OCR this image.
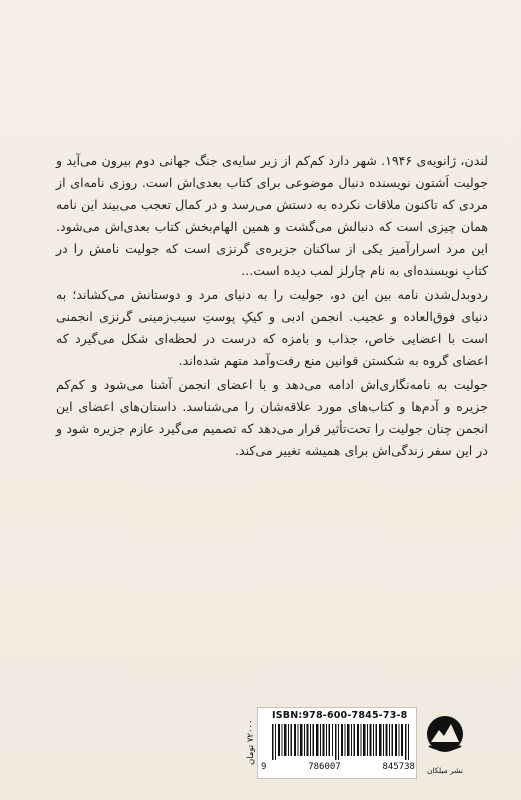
لندن، ژانویه‌ی ۱۹۴۶. شهر دارد کم‌کم از زیر سایه‌ی جنگ جهانی دوم بیرون می‌آید و جولیت اَشتون نویسنده دنبال موضوعی برای کتاب بعدی‌اش است. روزی نامه‌ای از مردی که تاکنون ملاقات نکرده به دستش می‌رسد و در کمال تعجب می‌بیند این نامه همان چیزی است که دنبالش می‌گشت و همین الهام‌بخش کتاب بعدی‌اش می‌شود. این مرد اسرارآمیز یکی از ساکنان جزیره‌ی گرنزی است که جولیت نامش را در کتابِ نویسنده‌ای به نام چارلز لمب دیده است...

ردوبدل‌شدن نامه بین این دو، جولیت را به دنیای مرد و دوستانش می‌کشاند؛ به دنیای فوق‌العاده و عجیب. انجمن ادبی و کیکِ پوستِ سیب‌زمینی گرنزی انجمنی است با اعضایی خاص، جذاب و بامزه که درست در لحظه‌ای شکل می‌گیرد که اعضای گروه به شکستن قوانین منع رفت‌وآمد متهم شده‌اند.

جولیت به نامه‌نگاری‌اش ادامه می‌دهد و با اعضای انجمن آشنا می‌شود و کم‌کم جزیره و آدم‌ها و کتاب‌های مورد علاقه‌شان را می‌شناسد. داستان‌های اعضای این انجمن چنان جولیت را تحت‌تأثیر قرار می‌دهد که تصمیم می‌گیرد عازم جزیره شود و در این سفر زندگی‌اش برای همیشه تغییر می‌کند.

ISBN:978-600-7845-73-8
9	786007	845738
۷۲۰۰۰ تومان
نشر میلکان
